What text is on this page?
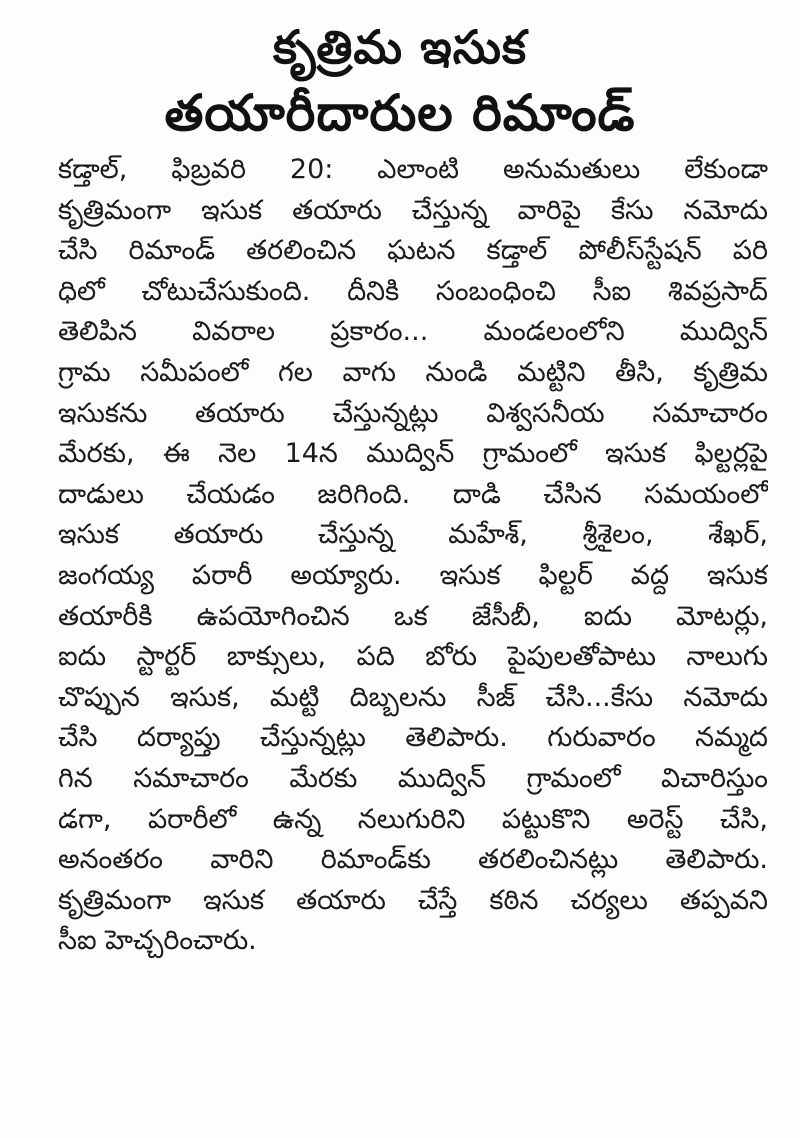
కృత్రిమ ఇసుక
తయారీదారుల రిమాండ్
కడ్తాల్, ఫిబ్రవరి 20: ఎలాంటి అనుమతులు లేకుండా
కృత్రిమంగా ఇసుక తయారు చేస్తున్న వారిపై కేసు నమోదు
చేసి రిమాండ్ తరలించిన ఘటన కడ్తాల్ పోలీస్‌స్టేషన్ పరి
ధిలో చోటుచేసుకుంది. దీనికి సంబంధించి సీఐ శివప్రసాద్
తెలిపిన వివరాల ప్రకారం... మండలంలోని ముద్విన్
గ్రామ సమీపంలో గల వాగు నుండి మట్టిని తీసి, కృత్రిమ
ఇసుకను తయారు చేస్తున్నట్లు విశ్వసనీయ సమాచారం
మేరకు, ఈ నెల 14న ముద్విన్ గ్రామంలో ఇసుక ఫిల్టర్లపై
దాడులు చేయడం జరిగింది. దాడి చేసిన సమయంలో
ఇసుక తయారు చేస్తున్న మహేశ్, శ్రీశైలం, శేఖర్,
జంగయ్య పరారీ అయ్యారు. ఇసుక ఫిల్టర్ వద్ద ఇసుక
తయారీకి ఉపయోగించిన ఒక జేసీబీ, ఐదు మోటర్లు,
ఐదు స్టార్టర్ బాక్సులు, పది బోరు పైపులతోపాటు నాలుగు
చొప్పున ఇసుక, మట్టి దిబ్బలను సీజ్ చేసి...కేసు నమోదు
చేసి దర్యాప్తు చేస్తున్నట్లు తెలిపారు. గురువారం నమ్మద
గిన సమాచారం మేరకు ముద్విన్ గ్రామంలో విచారిస్తుం
డగా, పరారీలో ఉన్న నలుగురిని పట్టుకొని అరెస్ట్ చేసి,
అనంతరం వారిని రిమాండ్‌కు తరలించినట్లు తెలిపారు.
కృత్రిమంగా ఇసుక తయారు చేస్తే కఠిన చర్యలు తప్పవని
సీఐ హెచ్చరించారు.
